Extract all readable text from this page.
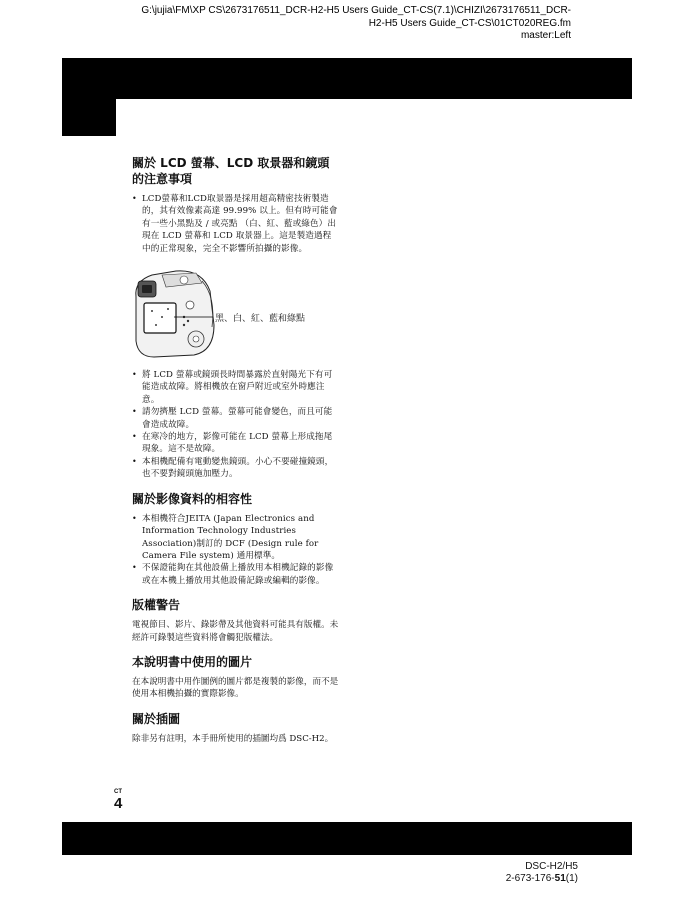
G:\jujia\FM\XP CS\2673176511_DCR-H2-H5 Users Guide_CT-CS(7.1)\CHIZI\2673176511_DCR-
H2-H5 Users Guide_CT-CS\01CT020REG.fm
master:Left
關於 LCD 螢幕、LCD 取景器和鏡頭
的注意事項
• LCD螢幕和LCD取景器是採用超高精密技術製造的，其有效像素高達 99.99% 以上。但有時可能會有一些小黑點及 / 或亮點 （白、紅、藍或綠色）出現在 LCD 螢幕和 LCD 取景器上。這是製造過程中的正常現象，完全不影響所拍攝的影像。
黑、白、紅、藍和綠點
• 將 LCD 螢幕或鏡頭長時間暴露於直射陽光下有可能造成故障。將相機放在窗戶附近或室外時應注意。
• 請勿擠壓 LCD 螢幕。螢幕可能會變色，而且可能會造成故障。
• 在寒冷的地方，影像可能在 LCD 螢幕上形成拖尾現象。這不是故障。
• 本相機配備有電動變焦鏡頭。小心不要碰撞鏡頭，也不要對鏡頭施加壓力。
關於影像資料的相容性
• 本相機符合JEITA (Japan Electronics and Information Technology Industries Association)制訂的 DCF (Design rule for Camera File system) 通用標準。
• 不保證能夠在其他設備上播放用本相機記錄的影像或在本機上播放用其他設備記錄或編輯的影像。
版權警告

電視節目、影片、錄影帶及其他資料可能具有版權。未經許可錄製這些資料將會觸犯版權法。

本說明書中使用的圖片

在本說明書中用作圖例的圖片都是複製的影像，而不是使用本相機拍攝的實際影像。

關於插圖

除非另有註明，本手冊所使用的插圖均爲 DSC-H2。

CT
4
DSC-H2/H5
2-673-176-51(1)
